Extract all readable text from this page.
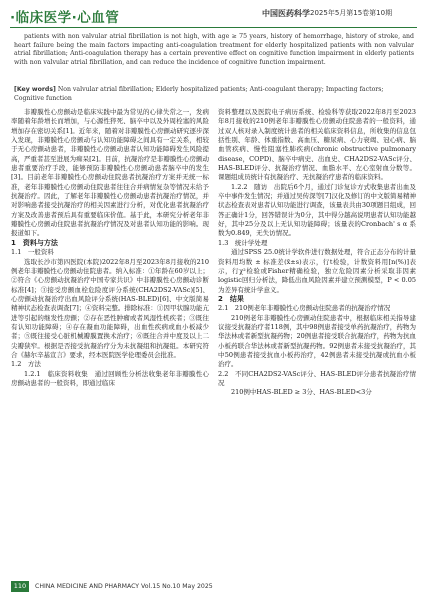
·临床医学·心血管	中国医药科学 2025年5月第15卷第10期

patients with non valvular atrial fibrillation is not high, with age ≥ 75 years, history of hemorrhage, history of stroke, and heart failure being the main factors impacting anti-coagulation treatment for elderly hospitalized patients with non valvular atrial fibrillation; Anti-coagulation therapy has a certain preventive effect on cognitive function impairment in elderly patients with non valvular atrial fibrillation, and can reduce the incidence of cognitive function impairment.

[Key words] Non valvular atrial fibrillation; Elderly hospitalized patients; Anti-coagulant therapy; Impacting factors; Cognitive function

非瓣膜性心房颤动是临床实践中最为常见的心律失常之一，发病率随着年龄增长而增加，与心源性猝死、脑卒中以及外周栓塞的风险增加存在密切关系[1]。近年来，随着对非瓣膜性心房颤动研究逐步深入发现，非瓣膜性心房颤动与认知功能障碍之间具有一定关系，相较于无心房颤动患者，非瓣膜性心房颤动患者认知功能障碍发生风险提高，严重者甚至进展为痴呆[2]。目前，抗凝治疗是非瓣膜性心房颤动患者重要治疗手段，能够预防非瓣膜性心房颤动患者脑卒中的发生[3]。目前老年非瓣膜性心房颤动住院患者抗凝治疗方案并无统一标准，老年非瓣膜性心房颤动住院患者往往合并病情复杂等情况未给予抗凝治疗。因此，了解老年非瓣膜性心房颤动患者抗凝治疗情况，并对影响患者接受抗凝治疗的相关因素进行分析，对优化患者抗凝治疗方案及改善患者预后具有重要临床价值。基于此，本研究分析老年非瓣膜性心房颤动住院患者抗凝治疗情况及对患者认知功能的影响。现报道如下。

1　资料与方法

1.1　一般资料

选取长沙市第四医院(本院)2022年8月至2023年8月接收的210例老年非瓣膜性心房颤动住院患者。纳入标准：①年龄在60岁以上；②符合《心房颤动抗凝治疗中国专家共识》中非瓣膜性心房颤动诊断标准[4]；③接受房颤血栓危险度评分系统(CHA2DS2-VASc)[5]、心房颤动抗凝治疗出血风险评分系统(HAS-BLED)[6]、中文版简易精神状态检查表调查[7]；④资料完整。排除标准：①因甲状腺功能亢进等引起的继发性房颤；②存在恶性肿瘤或者风湿性机疾者；③既往有认知功能障碍；④存在凝血功能障碍，出血性疾病或血小板减少者；⑤既往接受心脏机械瓣膜置换术治疗；⑥既往合并中度及以上二尖瓣狭窄。根据是否接受抗凝治疗分为未抗凝组和抗凝组。本研究符合《赫尔辛基宣言》要求，经本医院医学伦理委员会批准。

1.2　方法

1.2.1　临床资料收集　 通过回顾性分析法收集老年非瓣膜性心房颤动患者的一般资料，即通过临床

资料整理以及医院电子病历系统、检验科等获取2022年8月至2023年8月接收的210例老年非瓣膜性心房颤动住院患者的一般资料，通过双人核对录入制度统计患者的相关临床资料信息，所收集的信息包括性别、年龄、体重指数、高血压、糖尿病、心力衰竭、冠心病、脑血管疾病、慢性阻塞性肺疾病(chronic obstructive pulmonary disease，COPD)、脑卒中病史、出血史、CHA2DS2-VASc评分、HAS-BLED评分、抗凝治疗情况、血脂水平、左心室射血分数等。课题组成员统计有抗凝治疗、无抗凝治疗患者的临床资料。

1.2.2　随访　 出院后6个月，通过门诊复诊方式收集患者出血及卒中事件发生情况；并通过吴传深等[7]汉化及修订的中文版简易精神状态检查表对患者认知功能进行调查，该量表共由30项题目组成，回答正确计1分，回答错误计为0分，其中得分越高说明患者认知功能越好，其中25分及以上无认知功能障碍；该量表的Cronbach' s α 系数为0.849，无失访情况。

1.3　统计学处理

通过SPSS 25.0统计学软件进行数据处理，符合正态分布的计量资料用均数 ± 标准差(x̄±s)表示，行t检验，计数资料用[n(%)]表示，行χ²检验或Fisher精确检验，独立危险因素分析采取非因素logistic回归分析法，降低出血风险因素并建立预测模型，P < 0.05为差异有统计学意义。

2　结果

2.1　210例老年非瓣膜性心房颤动住院患者的抗凝治疗情况

210例老年非瓣膜性心房颤动住院患者中，根据临床相关指导建议接受抗凝治疗者118例，其中98例患者接受单药抗凝治疗，药物为华法林或者新型抗凝药物；20例患者接受联合抗凝治疗，药物为抗血小板药联合华法林或者新型抗凝药物。92例患者未接受抗凝治疗，其中50例患者接受抗血小板药治疗，42例患者未接受抗凝或抗血小板治疗。

2.2　不同CHA2DS2-VASc评分、HAS-BLED评分患者抗凝治疗情况

210例中HAS-BLED ≥ 3分、HAS-BLED<3分

110	CHINA MEDICINE AND PHARMACY Vol.15 No.10 May 2025
